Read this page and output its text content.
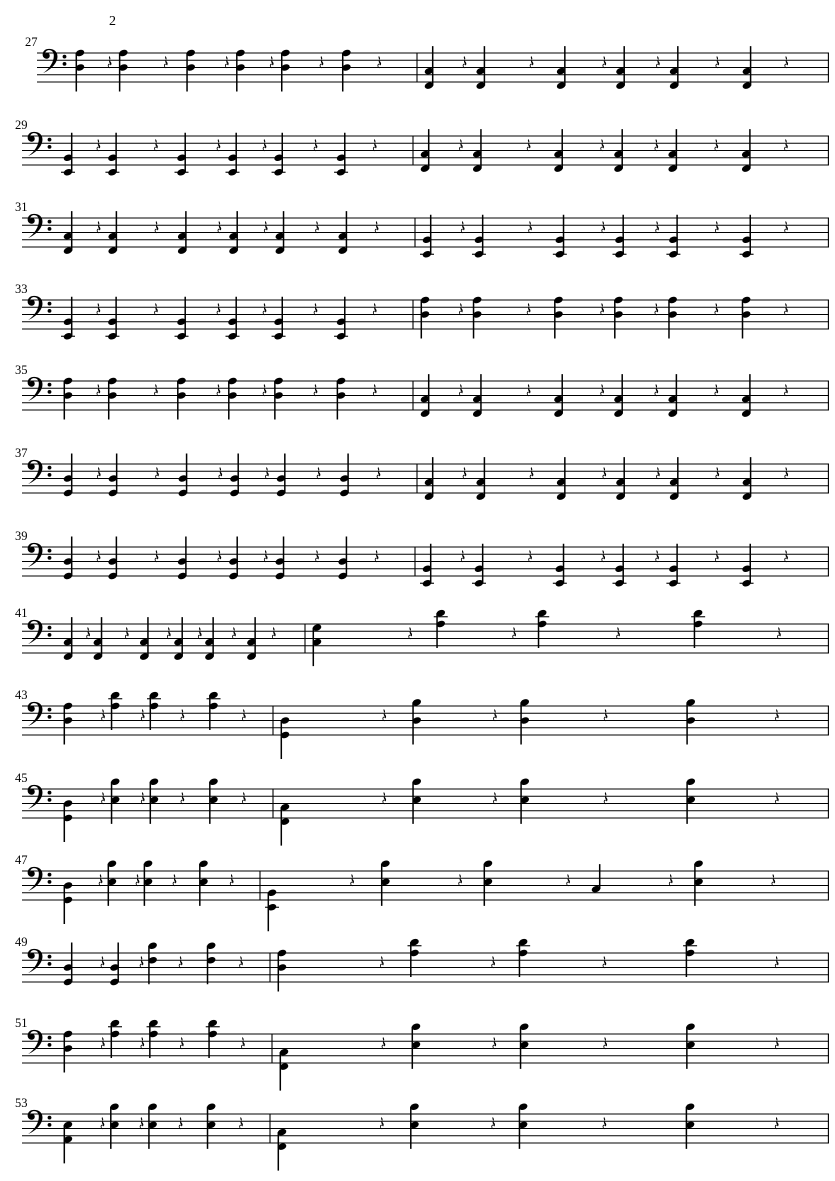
2
27
29
31
33
35
37
39
41
43
45
47
49
51
53
